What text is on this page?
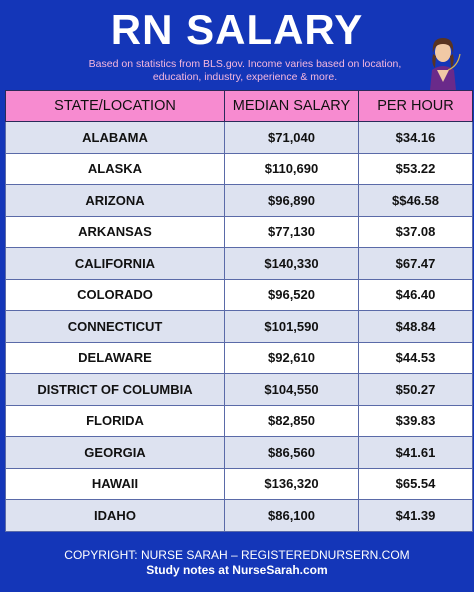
RN SALARY
Based on statistics from BLS.gov. Income varies based on location, education, industry, experience & more.
STATE/LOCATION	MEDIAN SALARY	PER HOUR
ALABAMA	$71,040	$34.16
ALASKA	$110,690	$53.22
ARIZONA	$96,890	$$46.58
ARKANSAS	$77,130	$37.08
CALIFORNIA	$140,330	$67.47
COLORADO	$96,520	$46.40
CONNECTICUT	$101,590	$48.84
DELAWARE	$92,610	$44.53
DISTRICT OF COLUMBIA	$104,550	$50.27
FLORIDA	$82,850	$39.83
GEORGIA	$86,560	$41.61
HAWAII	$136,320	$65.54
IDAHO	$86,100	$41.39
COPYRIGHT: NURSE SARAH – REGISTEREDNURSERN.COM
Study notes at NurseSarah.com
